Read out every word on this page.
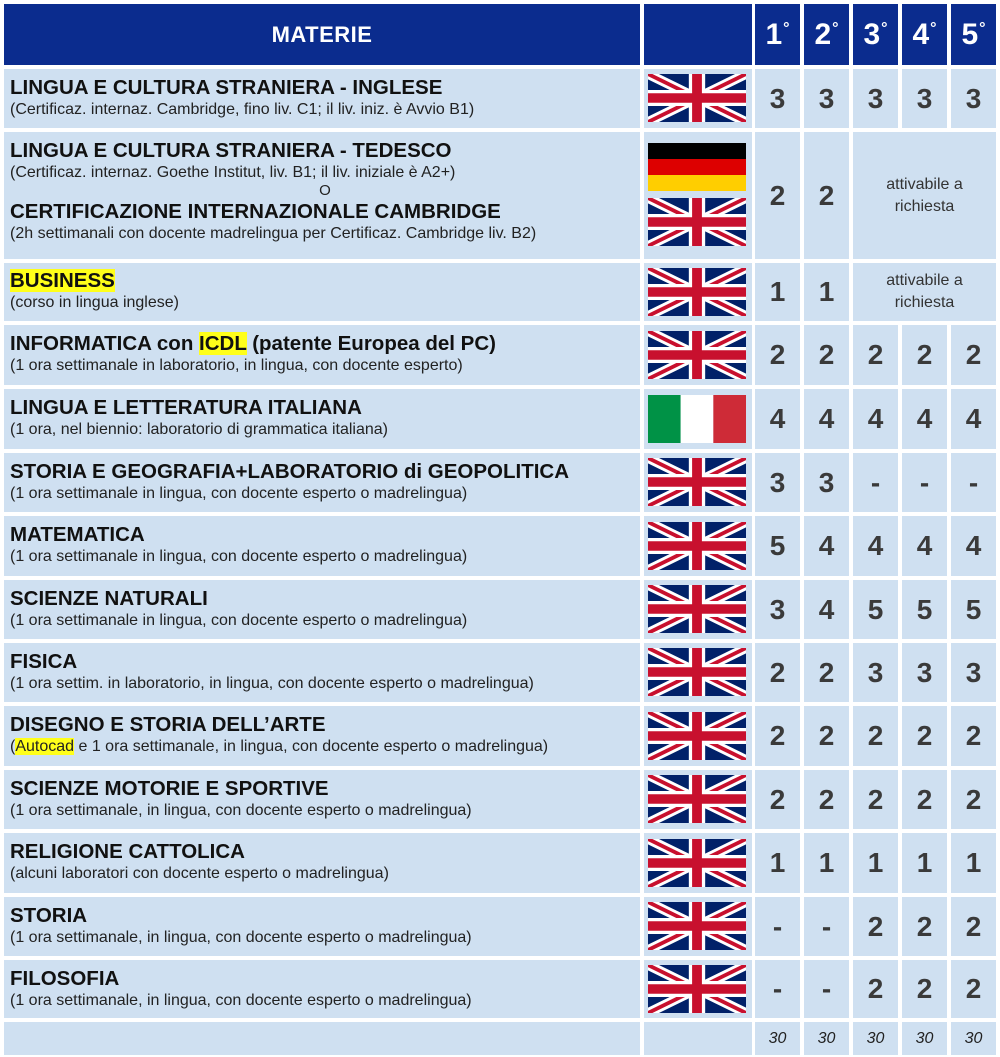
MATERIE	1° 2° 3° 4° 5°
LINGUA E CULTURA STRANIERA - INGLESE
(Certificaz. internaz. Cambridge, fino liv. C1; il liv. iniz. è Avvio B1)	3	3	3	3	3
LINGUA E CULTURA STRANIERA - TEDESCO
(Certificaz. internaz. Goethe Institut, liv. B1; il liv. iniziale è A2+)
O
CERTIFICAZIONE INTERNAZIONALE CAMBRIDGE
(2h settimanali con docente madrelingua per Certificaz. Cambridge liv. B2)
2	2	attivabile a richiesta
BUSINESS
(corso in lingua inglese)	1	1	attivabile a richiesta
INFORMATICA con ICDL (patente Europea del PC)
(1 ora settimanale in laboratorio, in lingua, con docente esperto)	2	2	2	2	2
LINGUA E LETTERATURA ITALIANA
(1 ora, nel biennio: laboratorio di grammatica italiana)	4	4	4	4	4
STORIA E GEOGRAFIA+LABORATORIO di GEOPOLITICA
(1 ora settimanale in lingua, con docente esperto o madrelingua)	3	3	-	-	-
MATEMATICA
(1 ora settimanale in lingua, con docente esperto o madrelingua)	5	4	4	4	4
SCIENZE NATURALI
(1 ora settimanale in lingua, con docente esperto o madrelingua)	3	4	5	5	5
FISICA
(1 ora settim. in laboratorio, in lingua, con docente esperto o madrelingua)	2	2	3	3	3
DISEGNO E STORIA DELL’ARTE
(Autocad e 1 ora settimanale, in lingua, con docente esperto o madrelingua)	2	2	2	2	2
SCIENZE MOTORIE E SPORTIVE
(1 ora settimanale, in lingua, con docente esperto o madrelingua)	2	2	2	2	2
RELIGIONE CATTOLICA
(alcuni laboratori con docente esperto o madrelingua)	1	1	1	1	1
STORIA
(1 ora settimanale, in lingua, con docente esperto o madrelingua)	-	-	2	2	2
FILOSOFIA
(1 ora settimanale, in lingua, con docente esperto o madrelingua)	-	-	2	2	2
30	30	30	30	30
